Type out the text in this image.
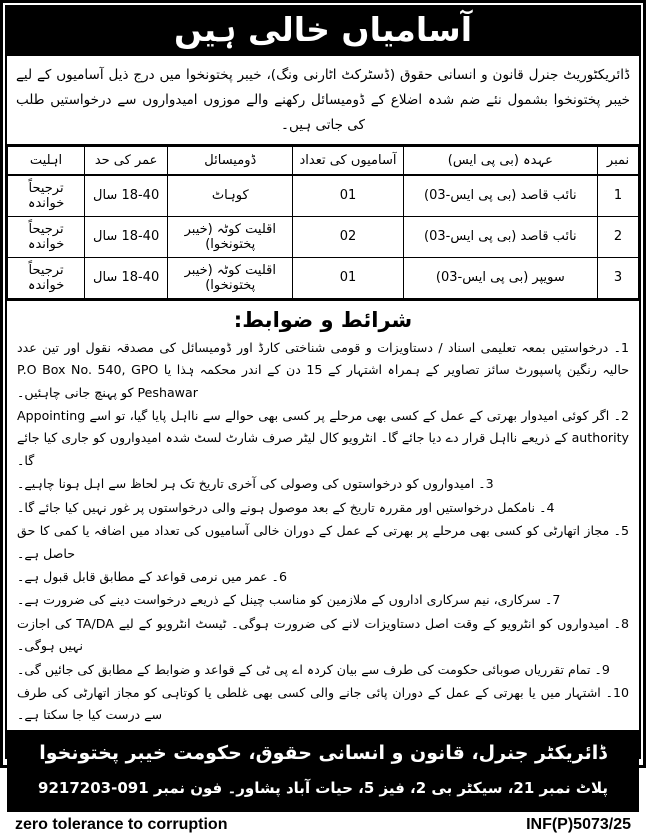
آسامیاں خالی ہیں
ڈائریکٹوریٹ جنرل قانون و انسانی حقوق (ڈسٹرکٹ اٹارنی ونگ)، خیبر پختونخوا میں درج ذیل آسامیوں کے لیے خیبر پختونخوا بشمول نئے ضم شدہ اضلاع کے ڈومیسائل رکھنے والے موزوں امیدواروں سے درخواستیں طلب کی جاتی ہیں۔
نمبر	عہدہ (بی پی ایس)	آسامیوں کی تعداد	ڈومیسائل	عمر کی حد	اہلیت
1	نائب قاصد (بی پی ایس-03)	01	کوہاٹ	18-40 سال	ترجیحاً خواندہ
2	نائب قاصد (بی پی ایس-03)	02	اقلیت کوٹہ (خیبر پختونخوا)	18-40 سال	ترجیحاً خواندہ
3	سویپر (بی پی ایس-03)	01	اقلیت کوٹہ (خیبر پختونخوا)	18-40 سال	ترجیحاً خواندہ
شرائط و ضوابط:
1۔ درخواستیں بمعہ تعلیمی اسناد / دستاویزات و قومی شناختی کارڈ اور ڈومیسائل کی مصدقہ نقول اور تین عدد حالیہ رنگین پاسپورٹ سائز تصاویر کے ہمراہ اشتہار کے 15 دن کے اندر محکمہ ہٰذا یا P.O Box No. 540, GPO Peshawar کو پہنچ جانی چاہئیں۔
2۔ اگر کوئی امیدوار بھرتی کے عمل کے کسی بھی مرحلے پر کسی بھی حوالے سے نااہل پایا گیا، تو اسے Appointing authority کے ذریعے نااہل قرار دے دیا جائے گا۔ انٹرویو کال لیٹر صرف شارٹ لسٹ شدہ امیدواروں کو جاری کیا جائے گا۔
3۔ امیدواروں کو درخواستوں کی وصولی کی آخری تاریخ تک ہر لحاظ سے اہل ہونا چاہیے۔
4۔ نامکمل درخواستیں اور مقررہ تاریخ کے بعد موصول ہونے والی درخواستوں پر غور نہیں کیا جائے گا۔
5۔ مجاز اتھارٹی کو کسی بھی مرحلے پر بھرتی کے عمل کے دوران خالی آسامیوں کی تعداد میں اضافہ یا کمی کا حق حاصل ہے۔
6۔ عمر میں نرمی قواعد کے مطابق قابل قبول ہے۔
7۔ سرکاری، نیم سرکاری اداروں کے ملازمین کو مناسب چینل کے ذریعے درخواست دینے کی ضرورت ہے۔
8۔ امیدواروں کو انٹرویو کے وقت اصل دستاویزات لانے کی ضرورت ہوگی۔ ٹیسٹ انٹرویو کے لیے TA/DA کی اجازت نہیں ہوگی۔
9۔ تمام تقرریاں صوبائی حکومت کی طرف سے بیان کردہ اے پی ٹی کے قواعد و ضوابط کے مطابق کی جائیں گی۔
10۔ اشتہار میں یا بھرتی کے عمل کے دوران پائی جانے والی کسی بھی غلطی یا کوتاہی کو مجاز اتھارٹی کی طرف سے درست کیا جا سکتا ہے۔
ڈائریکٹر جنرل، قانون و انسانی حقوق، حکومت خیبر پختونخوا
پلاٹ نمبر 21، سیکٹر بی 2، فیز 5، حیات آباد پشاور۔ فون نمبر 091-9217203
zero tolerance to corruption	INF(P)5073/25
